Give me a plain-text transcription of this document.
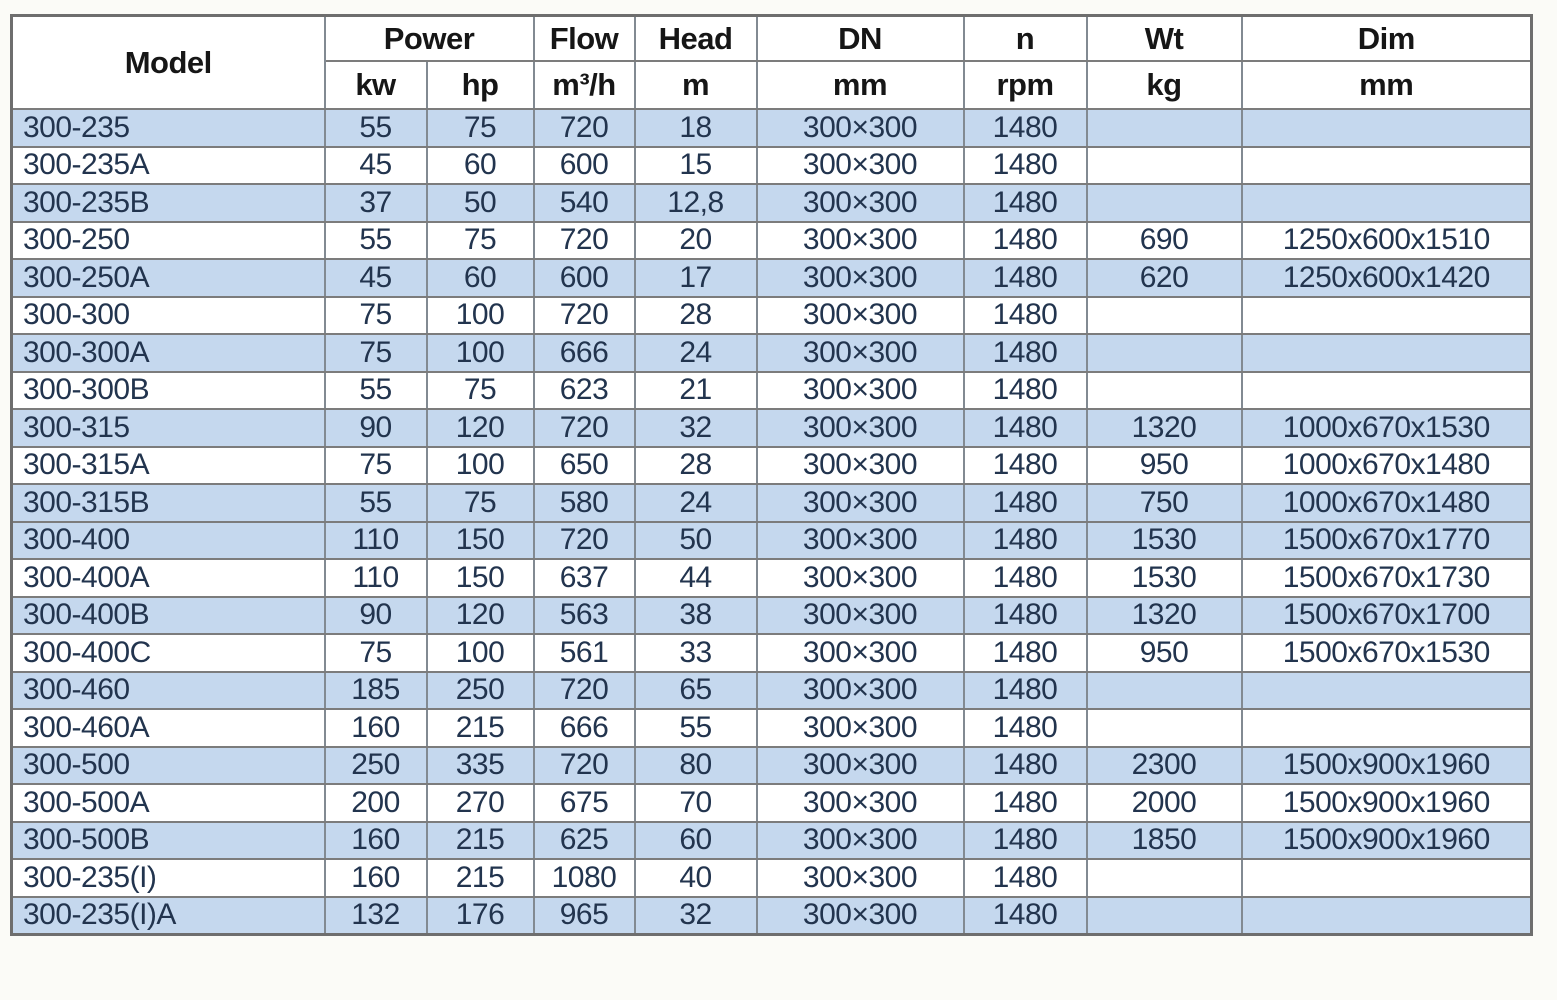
Model	Power		Flow	Head	DN	n	Wt	Dim
	kw	hp	m³/h	m	mm	rpm	kg	mm
300-235	55	75	720	18	300×300	1480		
300-235A	45	60	600	15	300×300	1480		
300-235B	37	50	540	12,8	300×300	1480		
300-250	55	75	720	20	300×300	1480	690	1250x600x1510
300-250A	45	60	600	17	300×300	1480	620	1250x600x1420
300-300	75	100	720	28	300×300	1480		
300-300A	75	100	666	24	300×300	1480		
300-300B	55	75	623	21	300×300	1480		
300-315	90	120	720	32	300×300	1480	1320	1000x670x1530
300-315A	75	100	650	28	300×300	1480	950	1000x670x1480
300-315B	55	75	580	24	300×300	1480	750	1000x670x1480
300-400	110	150	720	50	300×300	1480	1530	1500x670x1770
300-400A	110	150	637	44	300×300	1480	1530	1500x670x1730
300-400B	90	120	563	38	300×300	1480	1320	1500x670x1700
300-400C	75	100	561	33	300×300	1480	950	1500x670x1530
300-460	185	250	720	65	300×300	1480		
300-460A	160	215	666	55	300×300	1480		
300-500	250	335	720	80	300×300	1480	2300	1500x900x1960
300-500A	200	270	675	70	300×300	1480	2000	1500x900x1960
300-500B	160	215	625	60	300×300	1480	1850	1500x900x1960
300-235(I)	160	215	1080	40	300×300	1480		
300-235(I)A	132	176	965	32	300×300	1480		
